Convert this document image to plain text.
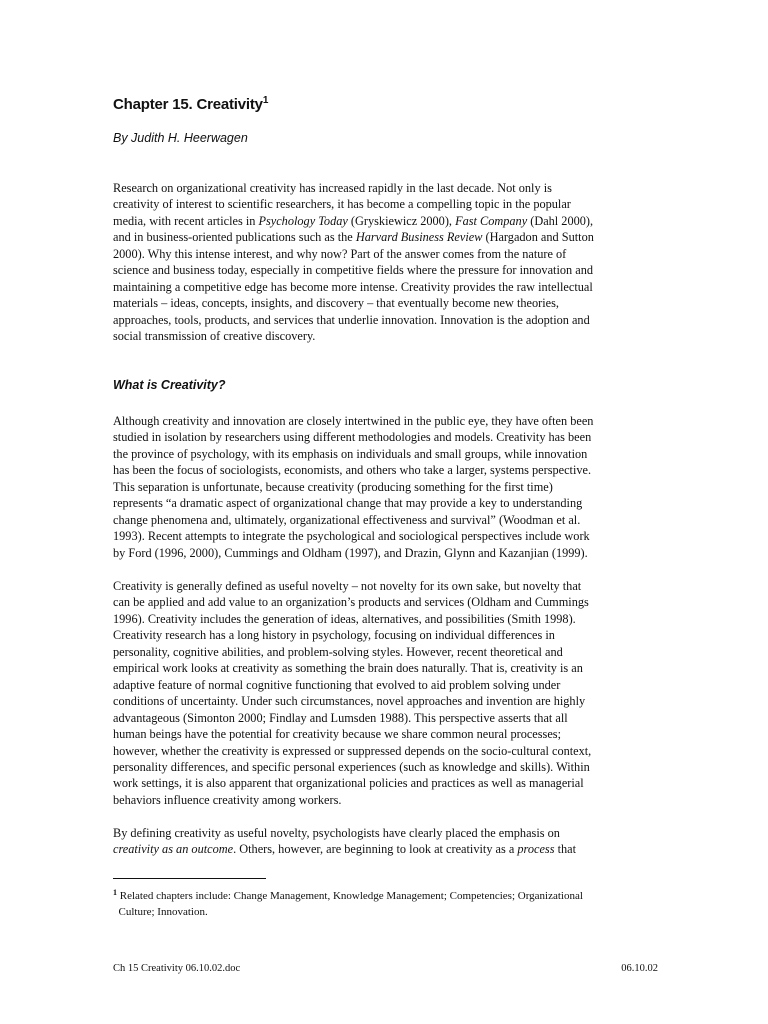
Chapter 15. Creativity$^1$
By Judith H. Heerwagen

Research on organizational creativity has increased rapidly in the last decade. Not only is
creativity of interest to scientific researchers, it has become a compelling topic in the popular
media, with recent articles in Psychology Today (Gryskiewicz 2000), Fast Company (Dahl 2000),
and in business-oriented publications such as the Harvard Business Review (Hargadon and Sutton
2000). Why this intense interest, and why now? Part of the answer comes from the nature of
science and business today, especially in competitive fields where the pressure for innovation and
maintaining a competitive edge has become more intense. Creativity provides the raw intellectual
materials – ideas, concepts, insights, and discovery – that eventually become new theories,
approaches, tools, products, and services that underlie innovation. Innovation is the adoption and
social transmission of creative discovery.

What is Creativity?

Although creativity and innovation are closely intertwined in the public eye, they have often been
studied in isolation by researchers using different methodologies and models. Creativity has been
the province of psychology, with its emphasis on individuals and small groups, while innovation
has been the focus of sociologists, economists, and others who take a larger, systems perspective.
This separation is unfortunate, because creativity (producing something for the first time)
represents “a dramatic aspect of organizational change that may provide a key to understanding
change phenomena and, ultimately, organizational effectiveness and survival” (Woodman et al.
1993). Recent attempts to integrate the psychological and sociological perspectives include work
by Ford (1996, 2000), Cummings and Oldham (1997), and Drazin, Glynn and Kazanjian (1999).

Creativity is generally defined as useful novelty – not novelty for its own sake, but novelty that
can be applied and add value to an organization’s products and services (Oldham and Cummings
1996). Creativity includes the generation of ideas, alternatives, and possibilities (Smith 1998).
Creativity research has a long history in psychology, focusing on individual differences in
personality, cognitive abilities, and problem-solving styles. However, recent theoretical and
empirical work looks at creativity as something the brain does naturally. That is, creativity is an
adaptive feature of normal cognitive functioning that evolved to aid problem solving under
conditions of uncertainty. Under such circumstances, novel approaches and invention are highly
advantageous (Simonton 2000; Findlay and Lumsden 1988). This perspective asserts that all
human beings have the potential for creativity because we share common neural processes;
however, whether the creativity is expressed or suppressed depends on the socio-cultural context,
personality differences, and specific personal experiences (such as knowledge and skills). Within
work settings, it is also apparent that organizational policies and practices as well as managerial
behaviors influence creativity among workers.

By defining creativity as useful novelty, psychologists have clearly placed the emphasis on
creativity as an outcome. Others, however, are beginning to look at creativity as a process that

$^1$ Related chapters include: Change Management, Knowledge Management; Competencies; Organizational
Culture; Innovation.
Ch 15 Creativity 06.10.02.doc	06.10.02
